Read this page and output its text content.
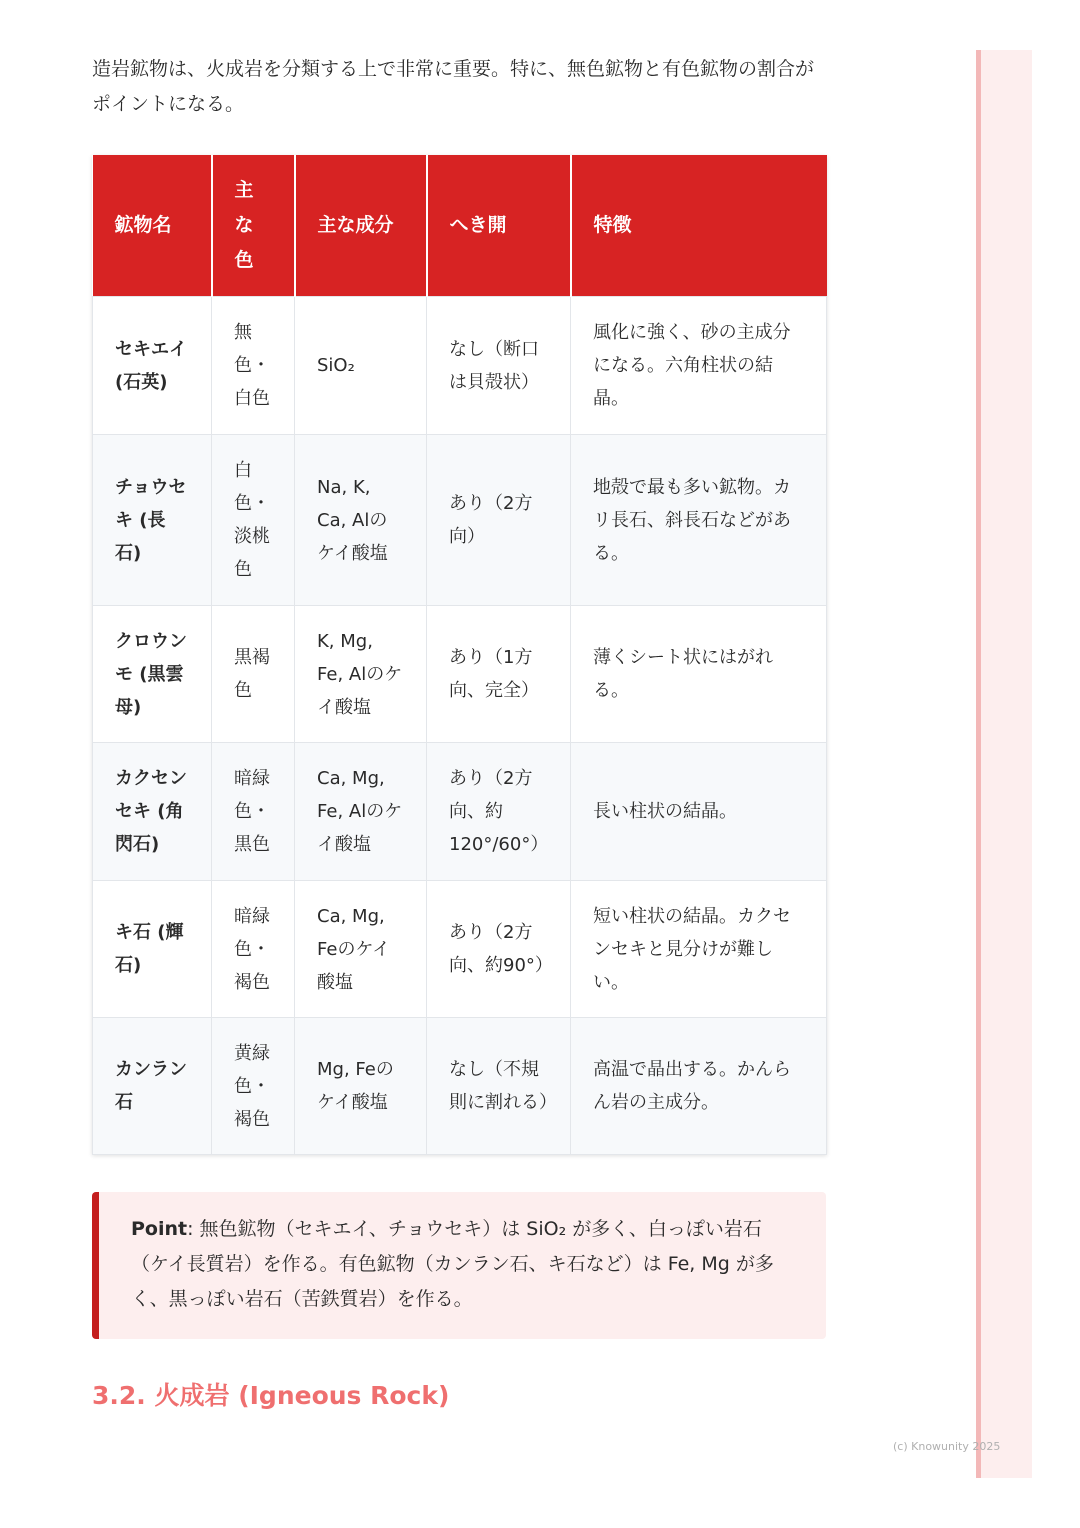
造岩鉱物は、火成岩を分類する上で非常に重要。特に、無色鉱物と有色鉱物の割合がポイントになる。

鉱物名	主な色	主な成分	へき開	特徴
セキエイ (石英)	無色・白色	SiO₂	なし（断口は貝殻状）	風化に強く、砂の主成分になる。六角柱状の結晶。
チョウセキ (長石)	白色・淡桃色	Na, K, Ca, Alのケイ酸塩	あり（2方向）	地殻で最も多い鉱物。カリ長石、斜長石などがある。
クロウンモ (黒雲母)	黒褐色	K, Mg, Fe, Alのケイ酸塩	あり（1方向、完全）	薄くシート状にはがれる。
カクセンセキ (角閃石)	暗緑色・黒色	Ca, Mg, Fe, Alのケイ酸塩	あり（2方向、約120°/60°）	長い柱状の結晶。
キ石 (輝石)	暗緑色・褐色	Ca, Mg, Feのケイ酸塩	あり（2方向、約90°）	短い柱状の結晶。カクセンセキと見分けが難しい。
カンラン石	黄緑色・褐色	Mg, Feのケイ酸塩	なし（不規則に割れる）	高温で晶出する。かんらん岩の主成分。
Point: 無色鉱物（セキエイ、チョウセキ）は SiO₂ が多く、白っぽい岩石（ケイ長質岩）を作る。有色鉱物（カンラン石、キ石など）は Fe, Mg が多く、黒っぽい岩石（苦鉄質岩）を作る。
3.2. 火成岩 (Igneous Rock)
(c) Knowunity 2025
